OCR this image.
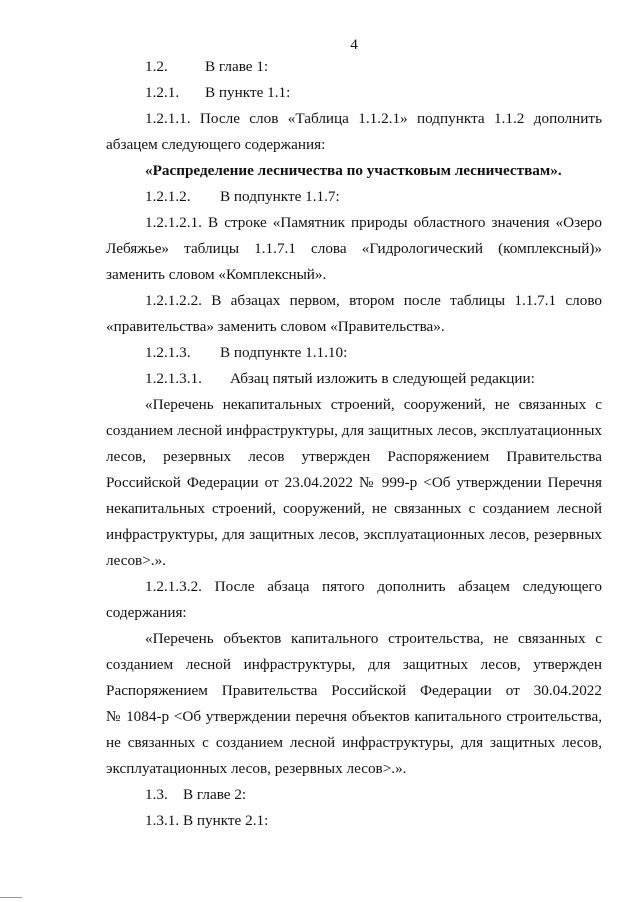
4
1.2. В главе 1:
1.2.1. В пункте 1.1:
1.2.1.1. После слов «Таблица 1.1.2.1» подпункта 1.1.2 дополнить
абзацем следующего содержания:
«Распределение лесничества по участковым лесничествам».
1.2.1.2. В подпункте 1.1.7:
1.2.1.2.1. В строке «Памятник природы областного значения «Озеро
Лебяжье» таблицы 1.1.7.1 слова «Гидрологический (комплексный)»
заменить словом «Комплексный».
1.2.1.2.2. В абзацах первом, втором после таблицы 1.1.7.1 слово
«правительства» заменить словом «Правительства».
1.2.1.3. В подпункте 1.1.10:
1.2.1.3.1. Абзац пятый изложить в следующей редакции:
«Перечень некапитальных строений, сооружений, не связанных с
созданием лесной инфраструктуры, для защитных лесов, эксплуатационных
лесов, резервных лесов утвержден Распоряжением Правительства
Российской Федерации от 23.04.2022 № 999-р <Об утверждении Перечня
некапитальных строений, сооружений, не связанных с созданием лесной
инфраструктуры, для защитных лесов, эксплуатационных лесов, резервных
лесов>.».
1.2.1.3.2. После абзаца пятого дополнить абзацем следующего
содержания:
«Перечень объектов капитального строительства, не связанных с
созданием лесной инфраструктуры, для защитных лесов, утвержден
Распоряжением Правительства Российской Федерации от 30.04.2022
№ 1084-р <Об утверждении перечня объектов капитального строительства,
не связанных с созданием лесной инфраструктуры, для защитных лесов,
эксплуатационных лесов, резервных лесов>.».
1.3. В главе 2:
1.3.1. В пункте 2.1:
